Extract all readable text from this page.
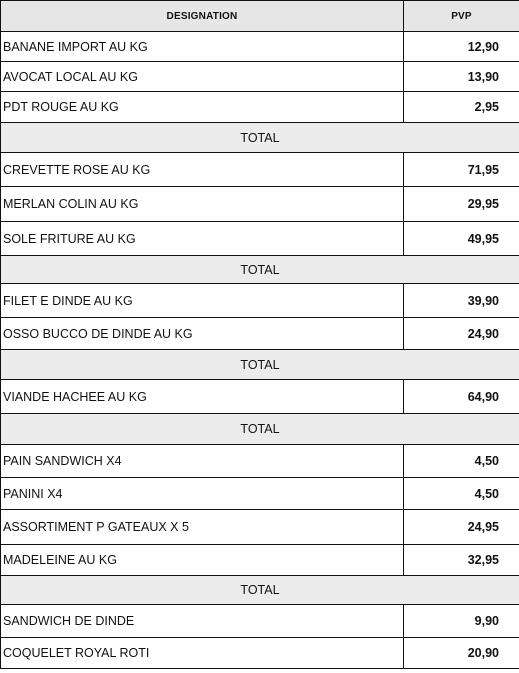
DESIGNATION	PVP
BANANE IMPORT AU KG	12,90
AVOCAT LOCAL AU KG	13,90
PDT ROUGE AU KG	2,95
TOTAL	
CREVETTE ROSE AU KG	71,95
MERLAN COLIN AU KG	29,95
SOLE FRITURE AU KG	49,95
TOTAL	
FILET E DINDE AU KG	39,90
OSSO BUCCO DE DINDE AU KG	24,90
TOTAL	
VIANDE HACHEE AU KG	64,90
TOTAL	
PAIN SANDWICH X4	4,50
PANINI X4	4,50
ASSORTIMENT P GATEAUX X 5	24,95
MADELEINE AU KG	32,95
TOTAL	
SANDWICH DE DINDE	9,90
COQUELET ROYAL ROTI	20,90
